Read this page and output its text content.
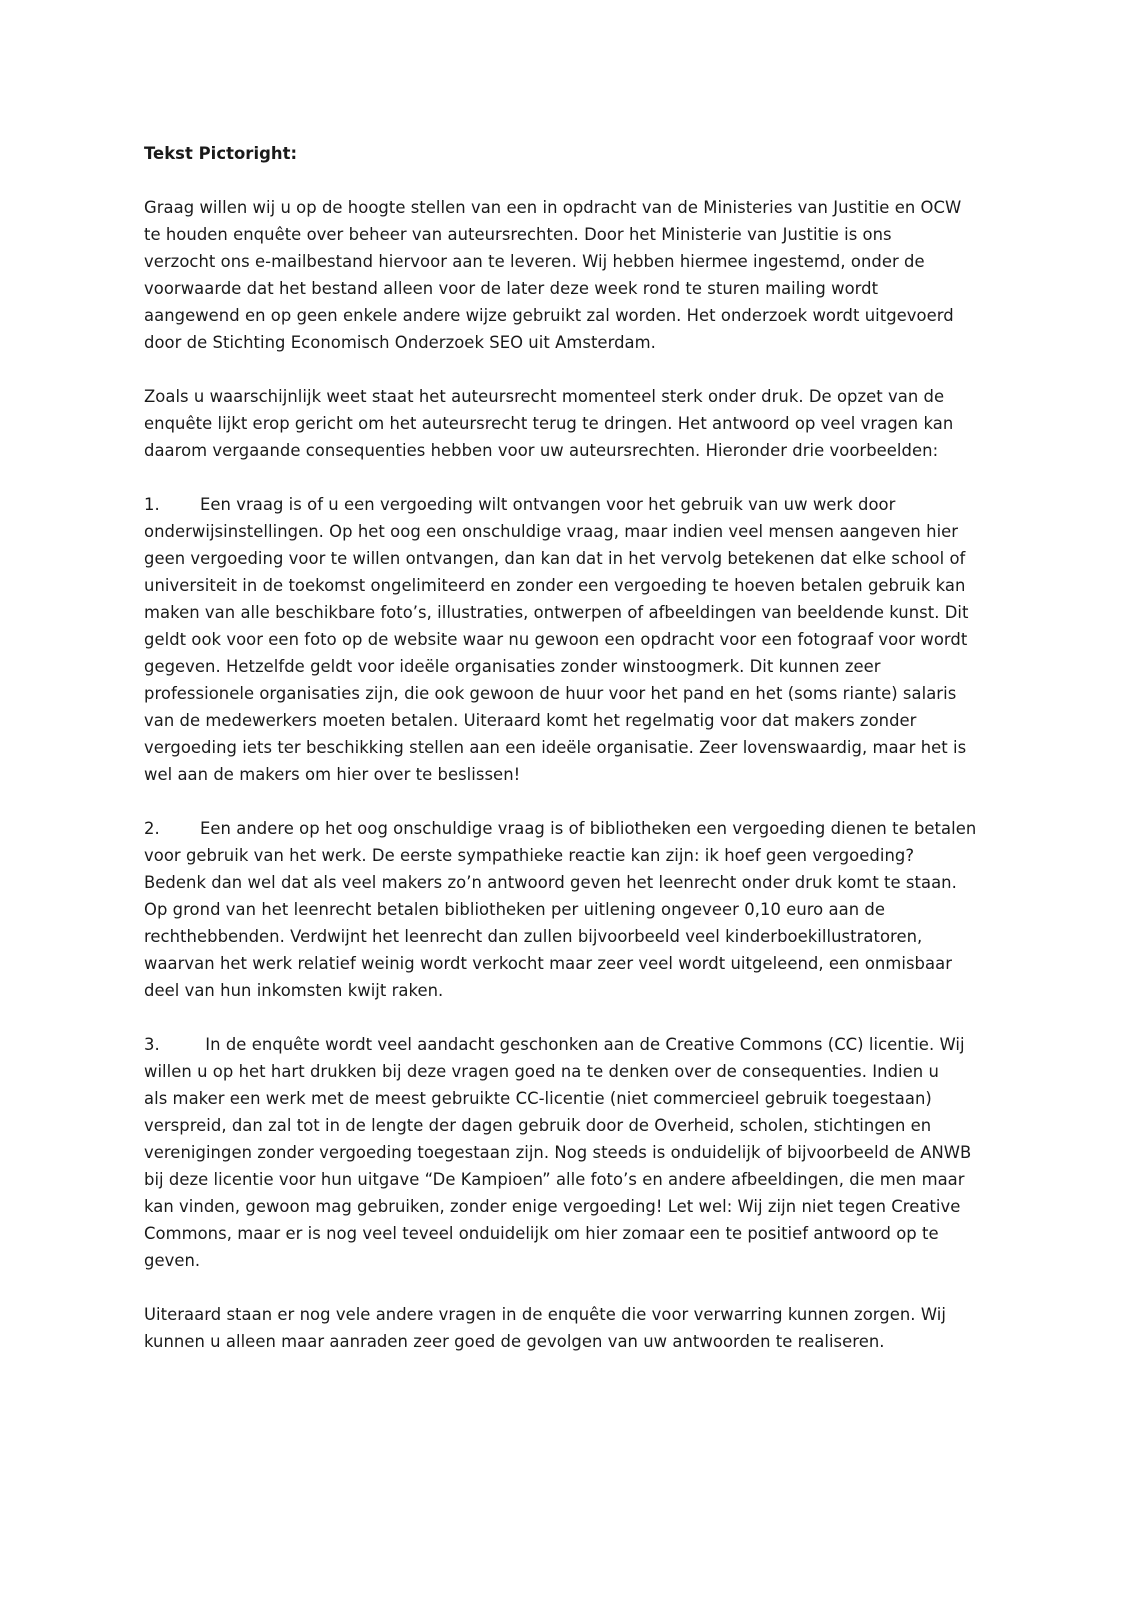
Tekst Pictoright:
Graag willen wij u op de hoogte stellen van een in opdracht van de Ministeries van Justitie en OCW
te houden enquête over beheer van auteursrechten. Door het Ministerie van Justitie is ons
verzocht ons e-mailbestand hiervoor aan te leveren. Wij hebben hiermee ingestemd, onder de
voorwaarde dat het bestand alleen voor de later deze week rond te sturen mailing wordt
aangewend en op geen enkele andere wijze gebruikt zal worden. Het onderzoek wordt uitgevoerd
door de Stichting Economisch Onderzoek SEO uit Amsterdam.
Zoals u waarschijnlijk weet staat het auteursrecht momenteel sterk onder druk. De opzet van de
enquête lijkt erop gericht om het auteursrecht terug te dringen. Het antwoord op veel vragen kan
daarom vergaande consequenties hebben voor uw auteursrechten. Hieronder drie voorbeelden:
1. Een vraag is of u een vergoeding wilt ontvangen voor het gebruik van uw werk door
onderwijsinstellingen. Op het oog een onschuldige vraag, maar indien veel mensen aangeven hier
geen vergoeding voor te willen ontvangen, dan kan dat in het vervolg betekenen dat elke school of
universiteit in de toekomst ongelimiteerd en zonder een vergoeding te hoeven betalen gebruik kan
maken van alle beschikbare foto’s, illustraties, ontwerpen of afbeeldingen van beeldende kunst. Dit
geldt ook voor een foto op de website waar nu gewoon een opdracht voor een fotograaf voor wordt
gegeven. Hetzelfde geldt voor ideële organisaties zonder winstoogmerk. Dit kunnen zeer
professionele organisaties zijn, die ook gewoon de huur voor het pand en het (soms riante) salaris
van de medewerkers moeten betalen. Uiteraard komt het regelmatig voor dat makers zonder
vergoeding iets ter beschikking stellen aan een ideële organisatie. Zeer lovenswaardig, maar het is
wel aan de makers om hier over te beslissen!
2. Een andere op het oog onschuldige vraag is of bibliotheken een vergoeding dienen te betalen
voor gebruik van het werk. De eerste sympathieke reactie kan zijn: ik hoef geen vergoeding?
Bedenk dan wel dat als veel makers zo’n antwoord geven het leenrecht onder druk komt te staan.
Op grond van het leenrecht betalen bibliotheken per uitlening ongeveer 0,10 euro aan de
rechthebbenden. Verdwijnt het leenrecht dan zullen bijvoorbeeld veel kinderboekillustratoren,
waarvan het werk relatief weinig wordt verkocht maar zeer veel wordt uitgeleend, een onmisbaar
deel van hun inkomsten kwijt raken.
3. In de enquête wordt veel aandacht geschonken aan de Creative Commons (CC) licentie. Wij
willen u op het hart drukken bij deze vragen goed na te denken over de consequenties. Indien u
als maker een werk met de meest gebruikte CC-licentie (niet commercieel gebruik toegestaan)
verspreid, dan zal tot in de lengte der dagen gebruik door de Overheid, scholen, stichtingen en
verenigingen zonder vergoeding toegestaan zijn. Nog steeds is onduidelijk of bijvoorbeeld de ANWB
bij deze licentie voor hun uitgave “De Kampioen” alle foto’s en andere afbeeldingen, die men maar
kan vinden, gewoon mag gebruiken, zonder enige vergoeding! Let wel: Wij zijn niet tegen Creative
Commons, maar er is nog veel teveel onduidelijk om hier zomaar een te positief antwoord op te
geven.
Uiteraard staan er nog vele andere vragen in de enquête die voor verwarring kunnen zorgen. Wij
kunnen u alleen maar aanraden zeer goed de gevolgen van uw antwoorden te realiseren.
